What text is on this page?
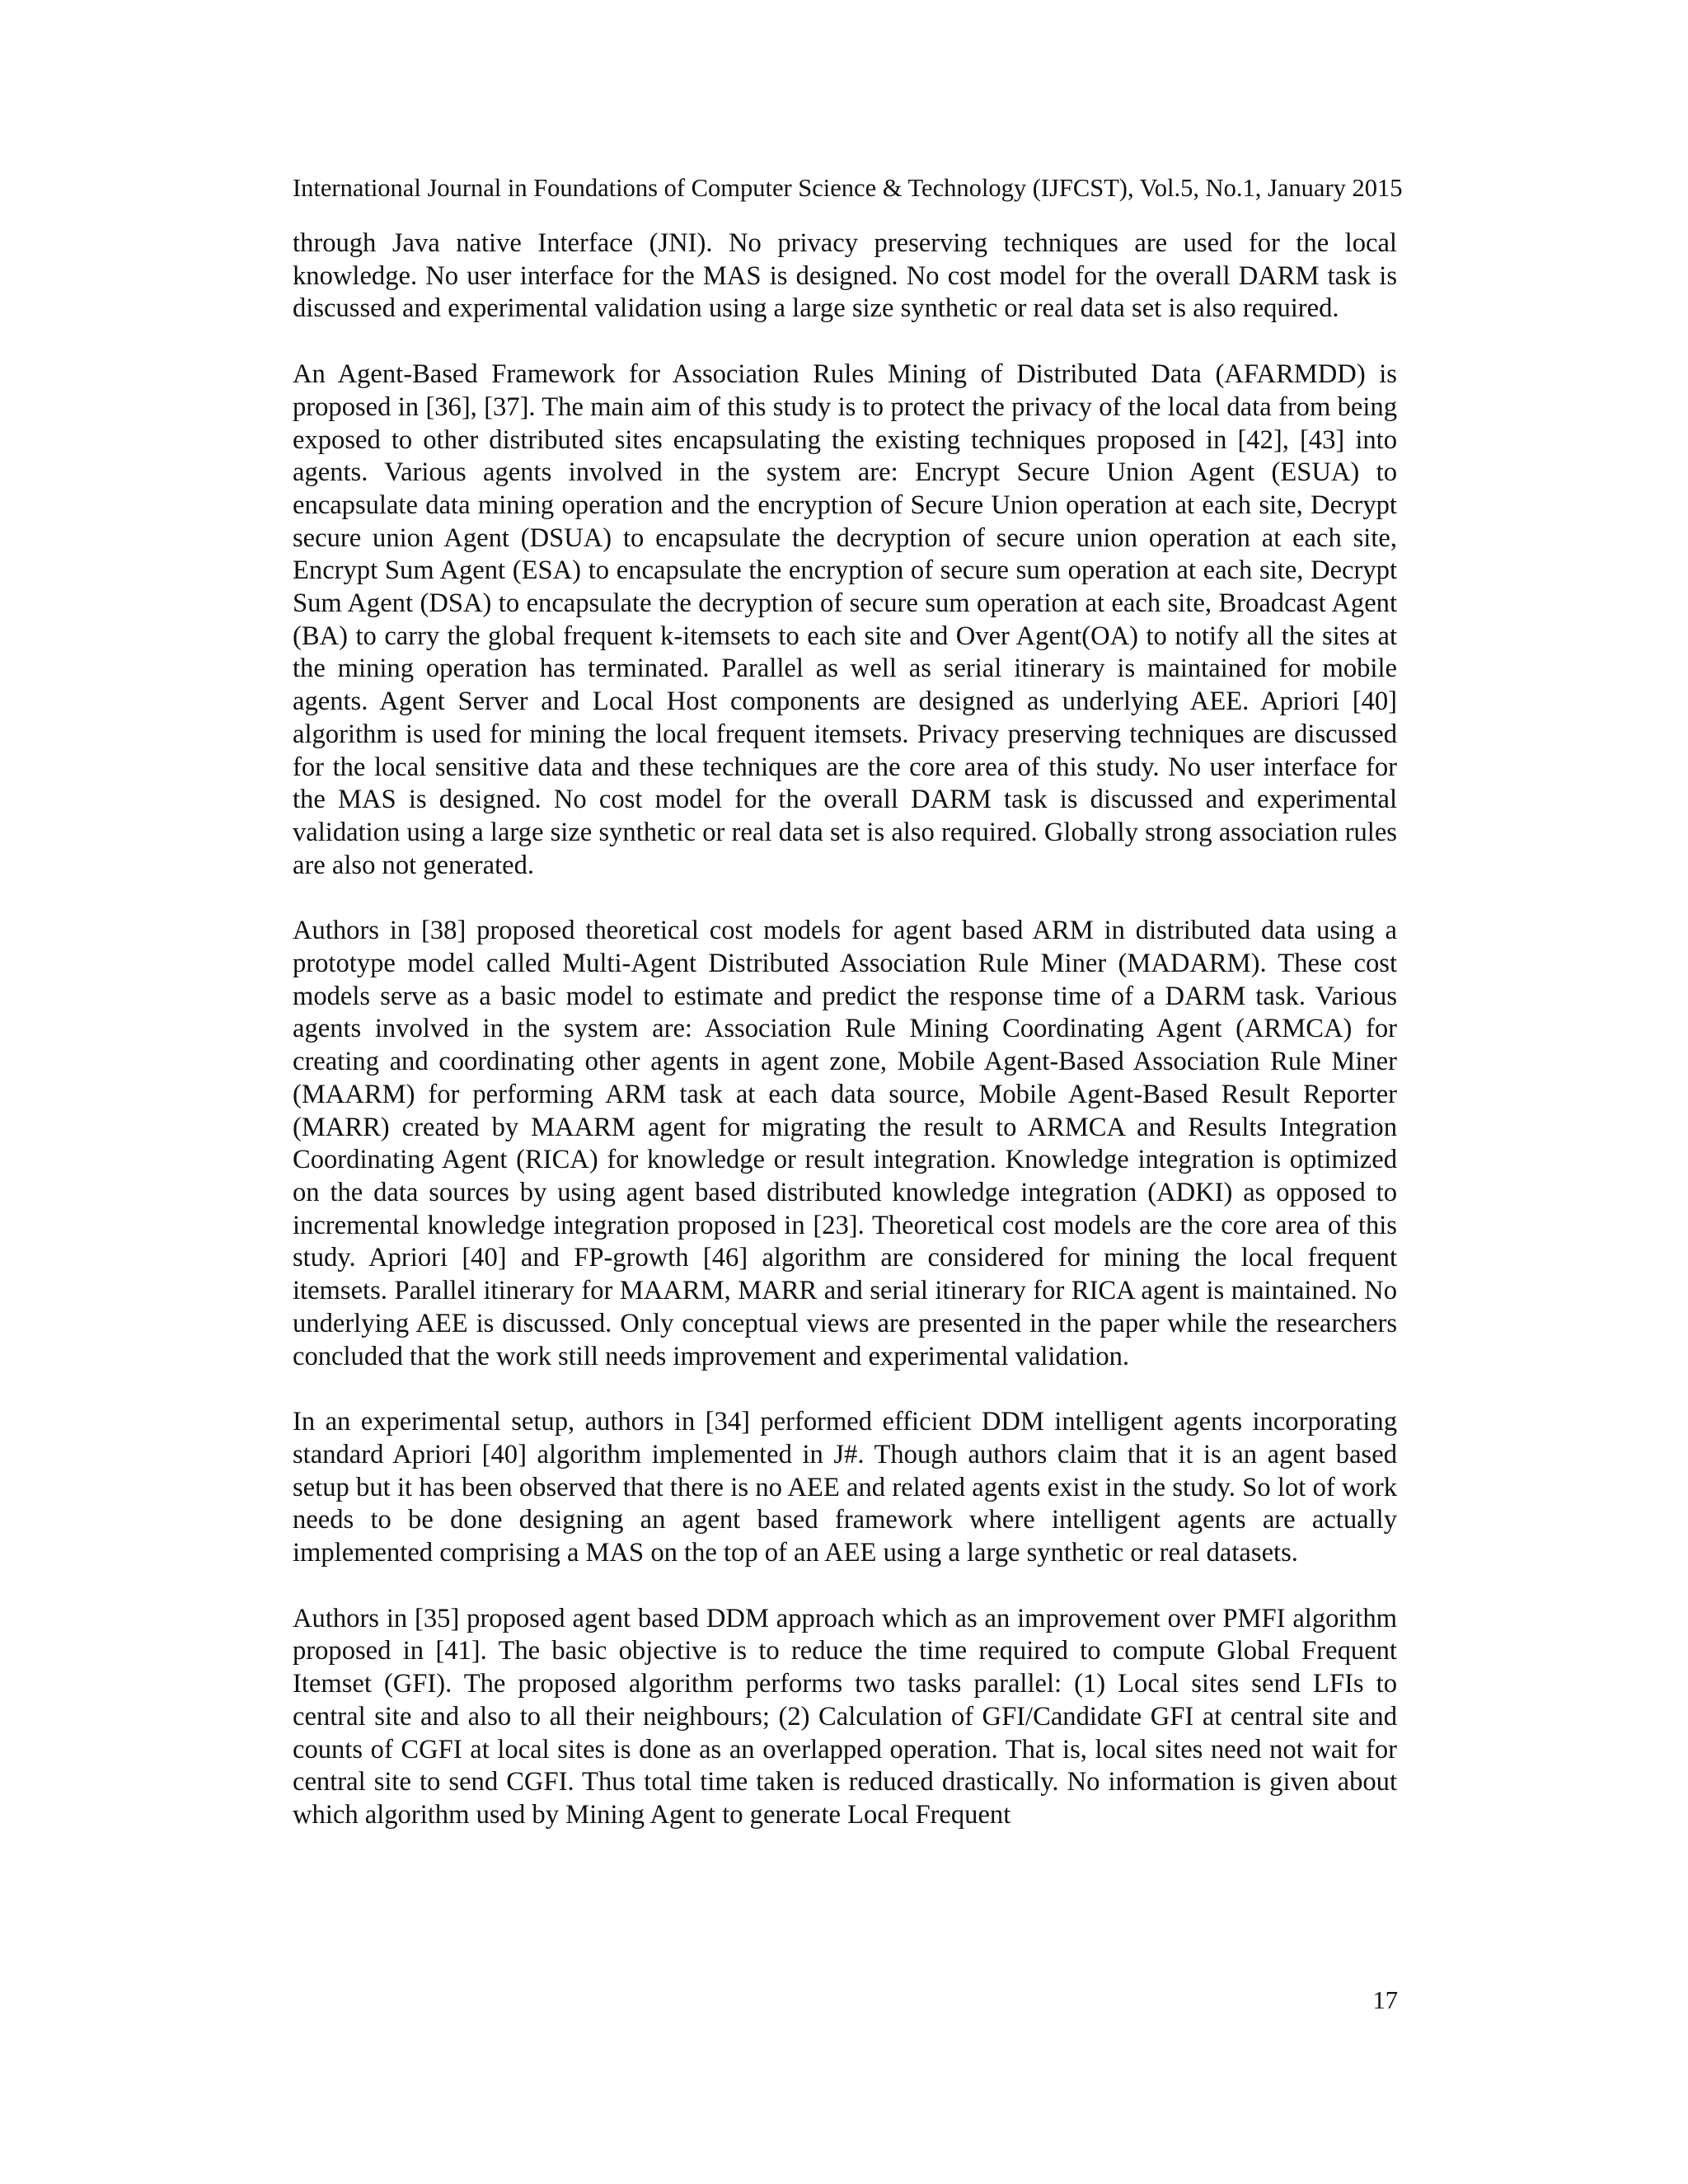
International Journal in Foundations of Computer Science & Technology (IJFCST), Vol.5, No.1, January 2015

through Java native Interface (JNI). No privacy preserving techniques are used for the local knowledge. No user interface for the MAS is designed. No cost model for the overall DARM task is discussed and experimental validation using a large size synthetic or real data set is also required.

An Agent-Based Framework for Association Rules Mining of Distributed Data (AFARMDD) is proposed in [36], [37]. The main aim of this study is to protect the privacy of the local data from being exposed to other distributed sites encapsulating the existing techniques proposed in [42], [43] into agents. Various agents involved in the system are: Encrypt Secure Union Agent (ESUA) to encapsulate data mining operation and the encryption of Secure Union operation at each site, Decrypt secure union Agent (DSUA) to encapsulate the decryption of secure union operation at each site, Encrypt Sum Agent (ESA) to encapsulate the encryption of secure sum operation at each site, Decrypt Sum Agent (DSA) to encapsulate the decryption of secure sum operation at each site, Broadcast Agent (BA) to carry the global frequent k-itemsets to each site and Over Agent(OA) to notify all the sites at the mining operation has terminated. Parallel as well as serial itinerary is maintained for mobile agents. Agent Server and Local Host components are designed as underlying AEE. Apriori [40] algorithm is used for mining the local frequent itemsets. Privacy preserving techniques are discussed for the local sensitive data and these techniques are the core area of this study. No user interface for the MAS is designed. No cost model for the overall DARM task is discussed and experimental validation using a large size synthetic or real data set is also required. Globally strong association rules are also not generated.

Authors in [38] proposed theoretical cost models for agent based ARM in distributed data using a prototype model called Multi-Agent Distributed Association Rule Miner (MADARM). These cost models serve as a basic model to estimate and predict the response time of a DARM task. Various agents involved in the system are: Association Rule Mining Coordinating Agent (ARMCA) for creating and coordinating other agents in agent zone, Mobile Agent-Based Association Rule Miner (MAARM) for performing ARM task at each data source, Mobile Agent-Based Result Reporter (MARR) created by MAARM agent for migrating the result to ARMCA and Results Integration Coordinating Agent (RICA) for knowledge or result integration. Knowledge integration is optimized on the data sources by using agent based distributed knowledge integration (ADKI) as opposed to incremental knowledge integration proposed in [23]. Theoretical cost models are the core area of this study. Apriori [40] and FP-growth [46] algorithm are considered for mining the local frequent itemsets. Parallel itinerary for MAARM, MARR and serial itinerary for RICA agent is maintained. No underlying AEE is discussed. Only conceptual views are presented in the paper while the researchers concluded that the work still needs improvement and experimental validation.

In an experimental setup, authors in [34] performed efficient DDM intelligent agents incorporating standard Apriori [40] algorithm implemented in J#. Though authors claim that it is an agent based setup but it has been observed that there is no AEE and related agents exist in the study. So lot of work needs to be done designing an agent based framework where intelligent agents are actually implemented comprising a MAS on the top of an AEE using a large synthetic or real datasets.

Authors in [35] proposed agent based DDM approach which as an improvement over PMFI algorithm proposed in [41]. The basic objective is to reduce the time required to compute Global Frequent Itemset (GFI). The proposed algorithm performs two tasks parallel: (1) Local sites send LFIs to central site and also to all their neighbours; (2) Calculation of GFI/Candidate GFI at central site and counts of CGFI at local sites is done as an overlapped operation. That is, local sites need not wait for central site to send CGFI. Thus total time taken is reduced drastically. No information is given about which algorithm used by Mining Agent to generate Local Frequent

17
